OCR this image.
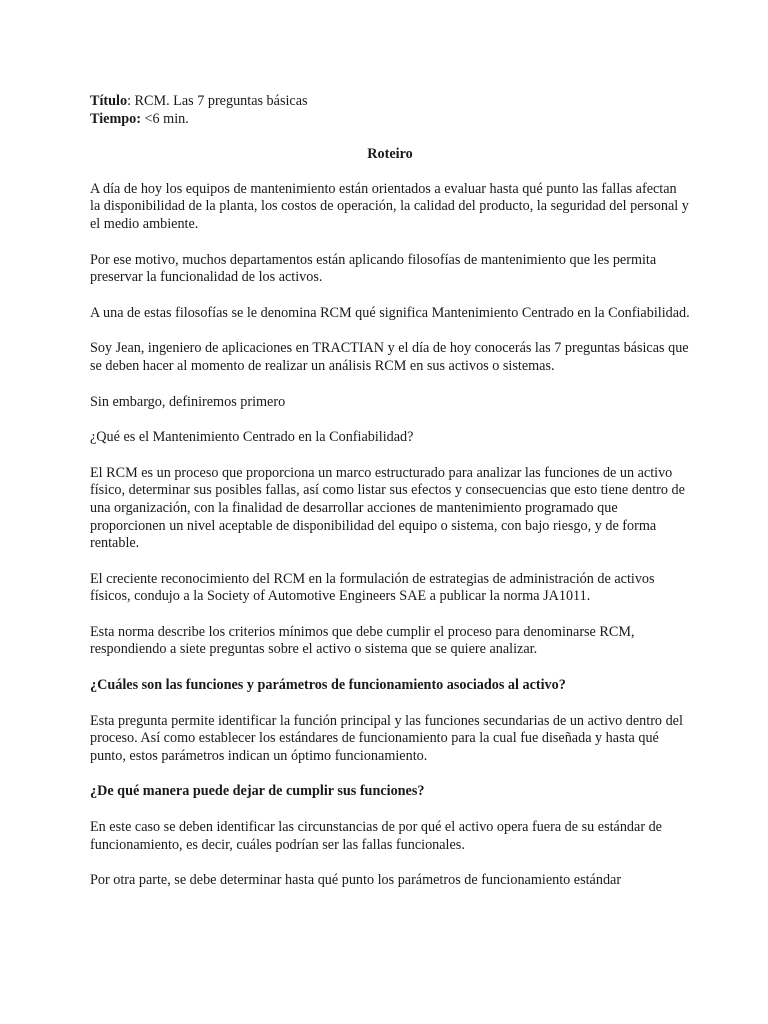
Título: RCM. Las 7 preguntas básicas

Tiempo: <6 min.

Roteiro

A día de hoy los equipos de mantenimiento están orientados a evaluar hasta qué punto las fallas afectan la disponibilidad de la planta, los costos de operación, la calidad del producto, la seguridad del personal y el medio ambiente.

Por ese motivo, muchos departamentos están aplicando filosofías de mantenimiento que les permita preservar la funcionalidad de los activos.

A una de estas filosofías se le denomina RCM qué significa Mantenimiento Centrado en la Confiabilidad.

Soy Jean, ingeniero de aplicaciones en TRACTIAN y el día de hoy conocerás las 7 preguntas básicas que se deben hacer al momento de realizar un análisis RCM en sus activos o sistemas.

Sin embargo, definiremos primero

¿Qué es el Mantenimiento Centrado en la Confiabilidad?

El RCM es un proceso que proporciona un marco estructurado para analizar las funciones de un activo físico, determinar sus posibles fallas, así como listar sus efectos y consecuencias que esto tiene dentro de una organización, con la finalidad de desarrollar acciones de mantenimiento programado que proporcionen un nivel aceptable de disponibilidad del equipo o sistema, con bajo riesgo, y de forma rentable.

El creciente reconocimiento del RCM en la formulación de estrategias de administración de activos físicos, condujo a la Society of Automotive Engineers SAE a publicar la norma JA1011.

Esta norma describe los criterios mínimos que debe cumplir el proceso para denominarse RCM, respondiendo a siete preguntas sobre el activo o sistema que se quiere analizar.

¿Cuáles son las funciones y parámetros de funcionamiento asociados al activo?

Esta pregunta permite identificar la función principal y las funciones secundarias de un activo dentro del proceso. Así como establecer los estándares de funcionamiento para la cual fue diseñada y hasta qué punto, estos parámetros indican un óptimo funcionamiento.

¿De qué manera puede dejar de cumplir sus funciones?

En este caso se deben identificar las circunstancias de por qué el activo opera fuera de su estándar de funcionamiento, es decir, cuáles podrían ser las fallas funcionales.

Por otra parte, se debe determinar hasta qué punto los parámetros de funcionamiento estándar
